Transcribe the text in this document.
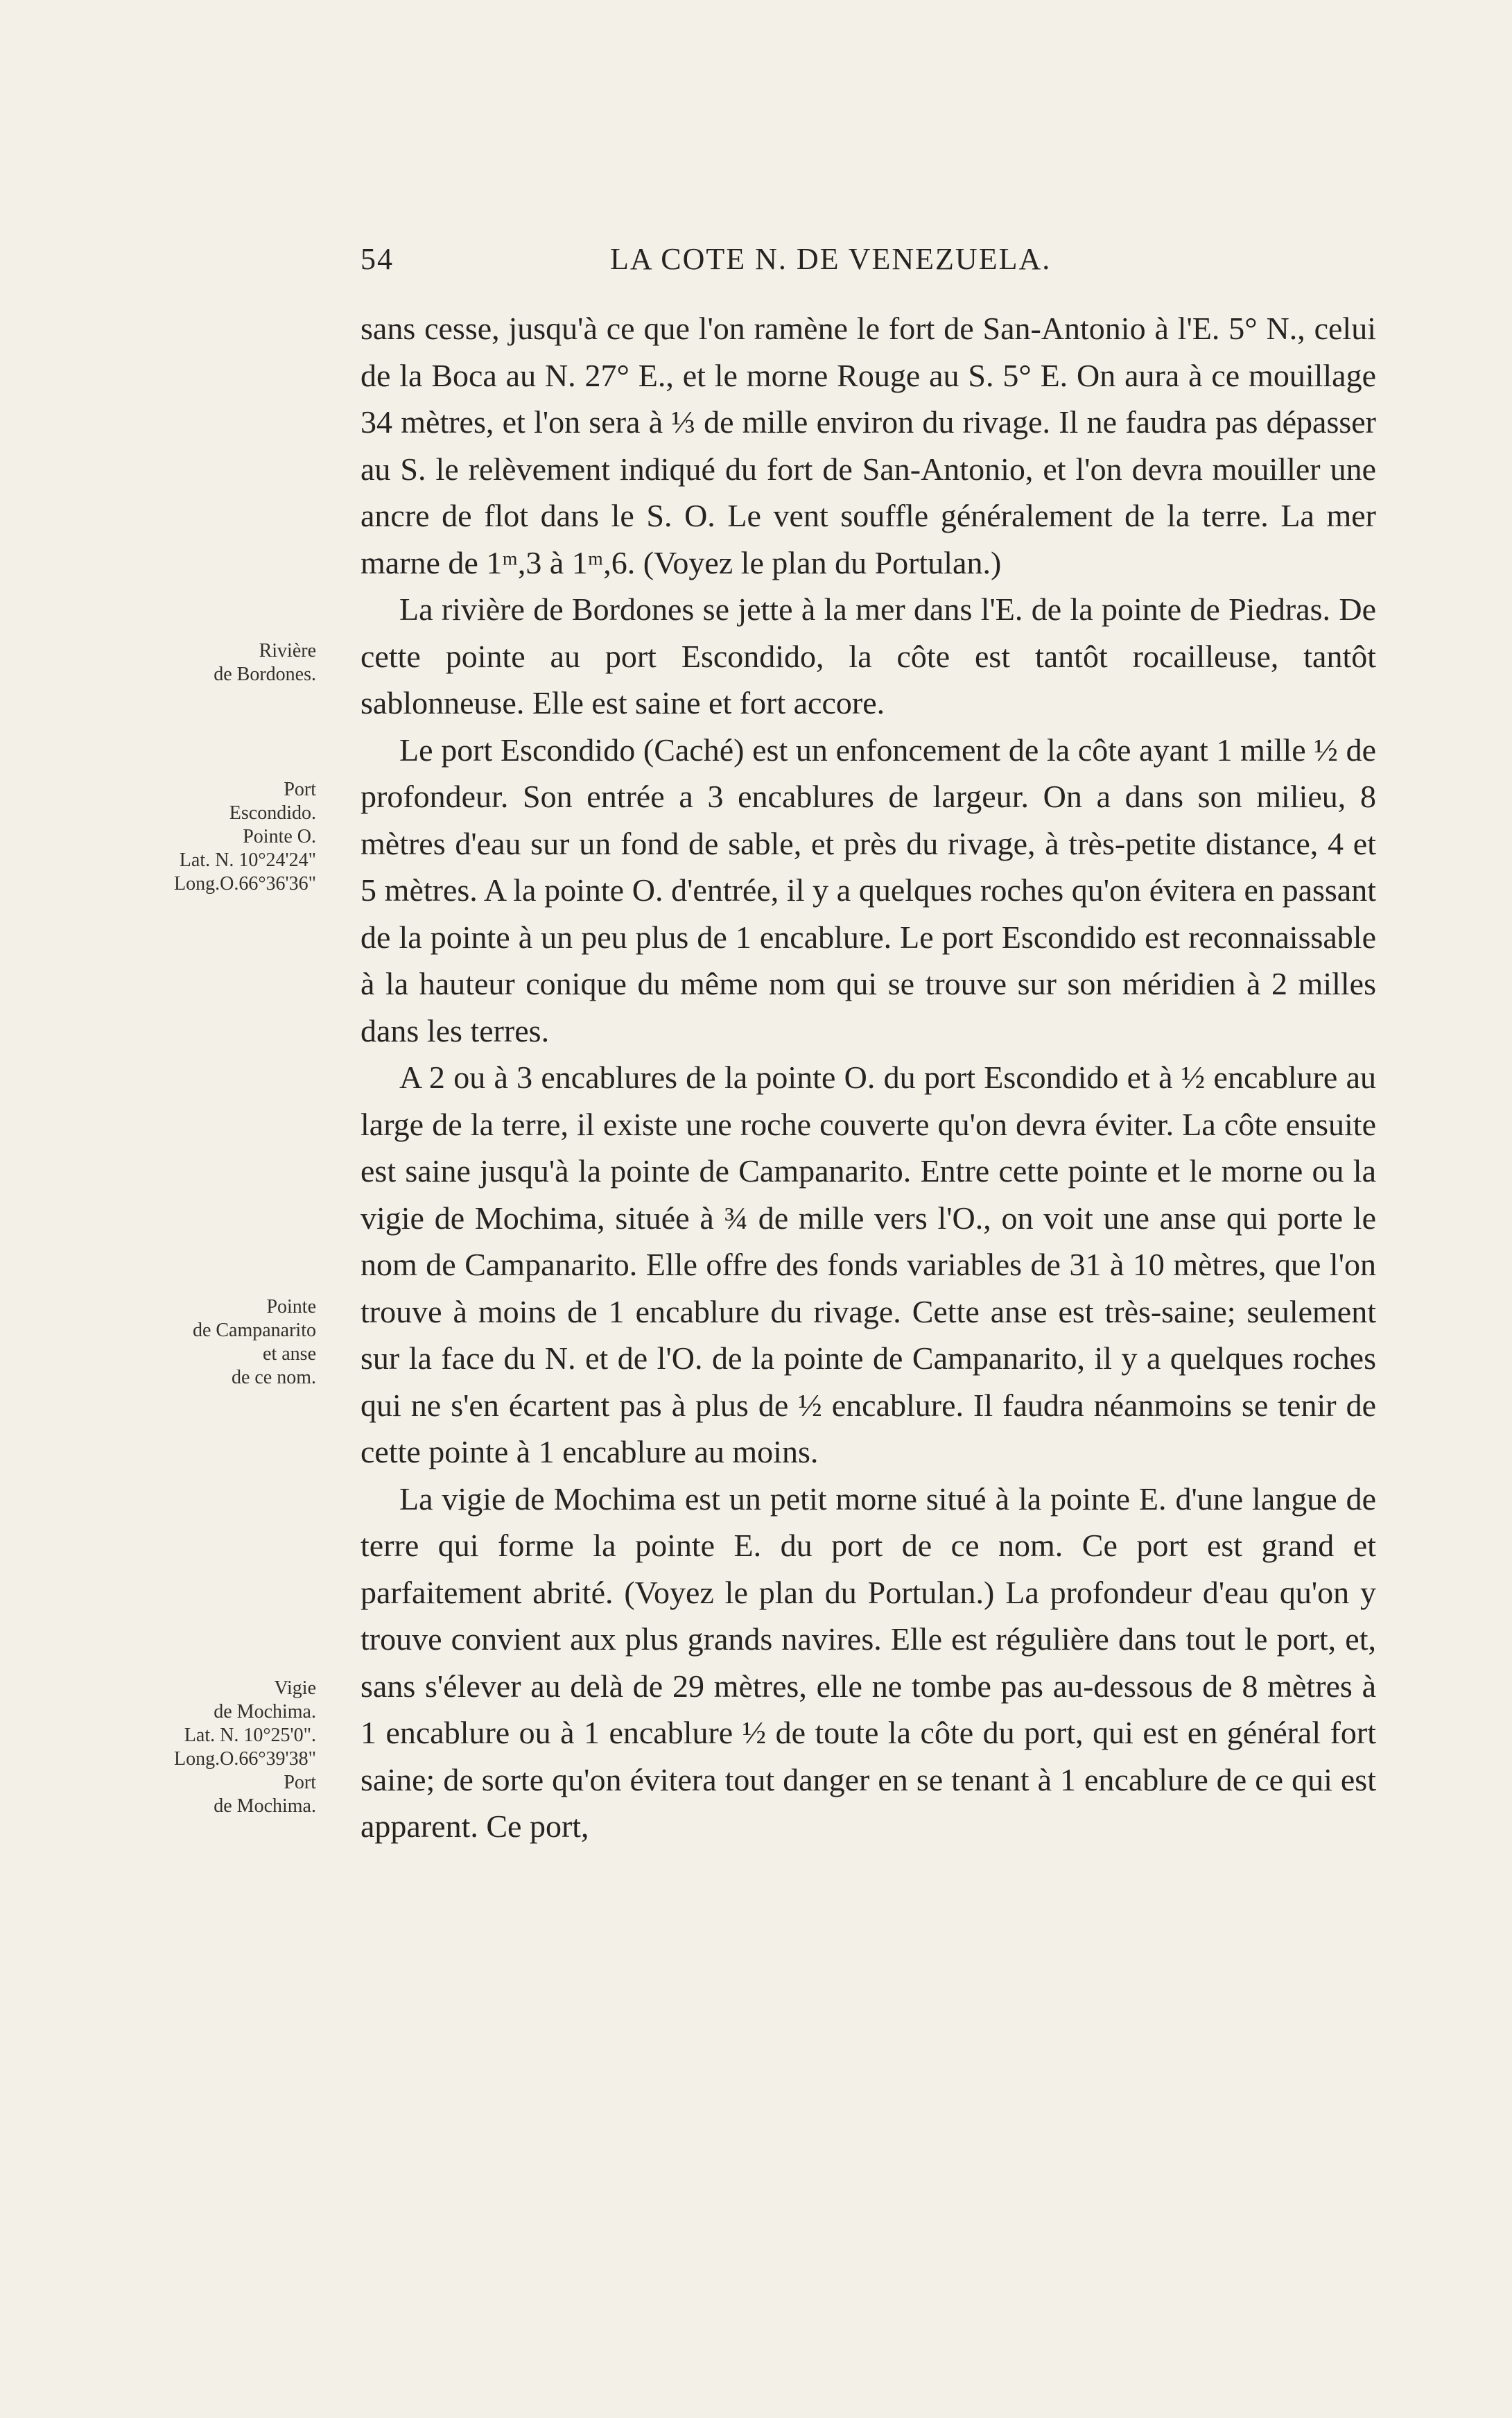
54	LA COTE N. DE VENEZUELA.
Rivière
de Bordones.
Port
Escondido.
Pointe O.
Lat. N. 10°24'24"
Long.O.66°36'36"
Pointe
de Campanarito
et anse
de ce nom.
Vigie
de Mochima.
Lat. N. 10°25'0".
Long.O.66°39'38"
Port
de Mochima.

sans cesse, jusqu'à ce que l'on ramène le fort de San-Antonio à l'E. 5° N., celui de la Boca au N. 27° E., et le morne Rouge au S. 5° E. On aura à ce mouillage 34 mètres, et l'on sera à ⅓ de mille environ du rivage. Il ne faudra pas dépasser au S. le relèvement indiqué du fort de San-Antonio, et l'on devra mouiller une ancre de flot dans le S. O. Le vent souffle généralement de la terre. La mer marne de 1ᵐ,3 à 1ᵐ,6. (Voyez le plan du Portulan.)

La rivière de Bordones se jette à la mer dans l'E. de la pointe de Piedras. De cette pointe au port Escondido, la côte est tantôt rocailleuse, tantôt sablonneuse. Elle est saine et fort accore.

Le port Escondido (Caché) est un enfoncement de la côte ayant 1 mille ½ de profondeur. Son entrée a 3 encablures de largeur. On a dans son milieu, 8 mètres d'eau sur un fond de sable, et près du rivage, à très-petite distance, 4 et 5 mètres. A la pointe O. d'entrée, il y a quelques roches qu'on évitera en passant de la pointe à un peu plus de 1 encablure. Le port Escondido est reconnaissable à la hauteur conique du même nom qui se trouve sur son méridien à 2 milles dans les terres.

A 2 ou à 3 encablures de la pointe O. du port Escondido et à ½ encablure au large de la terre, il existe une roche couverte qu'on devra éviter. La côte ensuite est saine jusqu'à la pointe de Campanarito. Entre cette pointe et le morne ou la vigie de Mochima, située à ¾ de mille vers l'O., on voit une anse qui porte le nom de Campanarito. Elle offre des fonds variables de 31 à 10 mètres, que l'on trouve à moins de 1 encablure du rivage. Cette anse est très-saine; seulement sur la face du N. et de l'O. de la pointe de Campanarito, il y a quelques roches qui ne s'en écartent pas à plus de ½ encablure. Il faudra néanmoins se tenir de cette pointe à 1 encablure au moins.

La vigie de Mochima est un petit morne situé à la pointe E. d'une langue de terre qui forme la pointe E. du port de ce nom. Ce port est grand et parfaitement abrité. (Voyez le plan du Portulan.) La profondeur d'eau qu'on y trouve convient aux plus grands navires. Elle est régulière dans tout le port, et, sans s'élever au delà de 29 mètres, elle ne tombe pas au-dessous de 8 mètres à 1 encablure ou à 1 encablure ½ de toute la côte du port, qui est en général fort saine; de sorte qu'on évitera tout danger en se tenant à 1 encablure de ce qui est apparent. Ce port,
